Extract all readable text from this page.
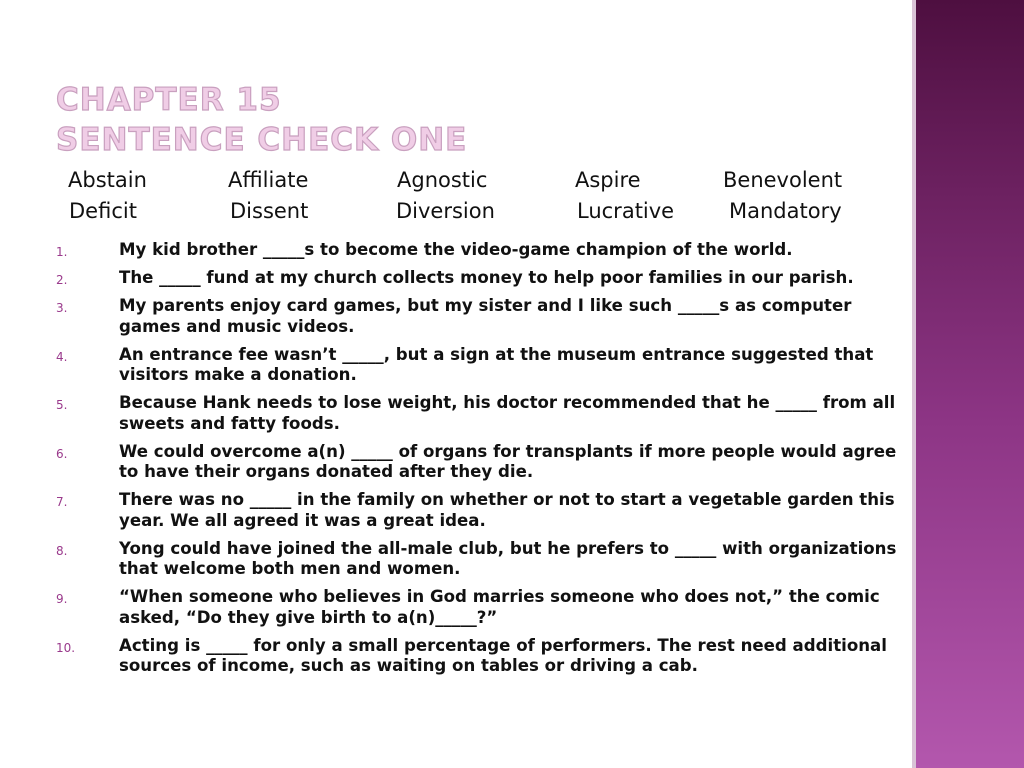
CHAPTER 15
SENTENCE CHECK ONE
Abstain	Affiliate	Agnostic	Aspire	Benevolent
Deficit	Dissent	Diversion	Lucrative	Mandatory
1.	My kid brother _____s to become the video-game champion of the world.
2.	The _____ fund at my church collects money to help poor families in our parish.
3.	My parents enjoy card games, but my sister and I like such _____s as computer games and music videos.
4.	An entrance fee wasn’t _____, but a sign at the museum entrance suggested that visitors make a donation.
5.	Because Hank needs to lose weight, his doctor recommended that he _____ from all sweets and fatty foods.
6.	We could overcome a(n) _____ of organs for transplants if more people would agree to have their organs donated after they die.
7.	There was no _____ in the family on whether or not to start a vegetable garden this year. We all agreed it was a great idea.
8.	Yong could have joined the all-male club, but he prefers to _____ with organizations that welcome both men and women.
9.	“When someone who believes in God marries someone who does not,” the comic asked, “Do they give birth to a(n)_____?”
10.	Acting is _____ for only a small percentage of performers. The rest need additional sources of income, such as waiting on tables or driving a cab.
